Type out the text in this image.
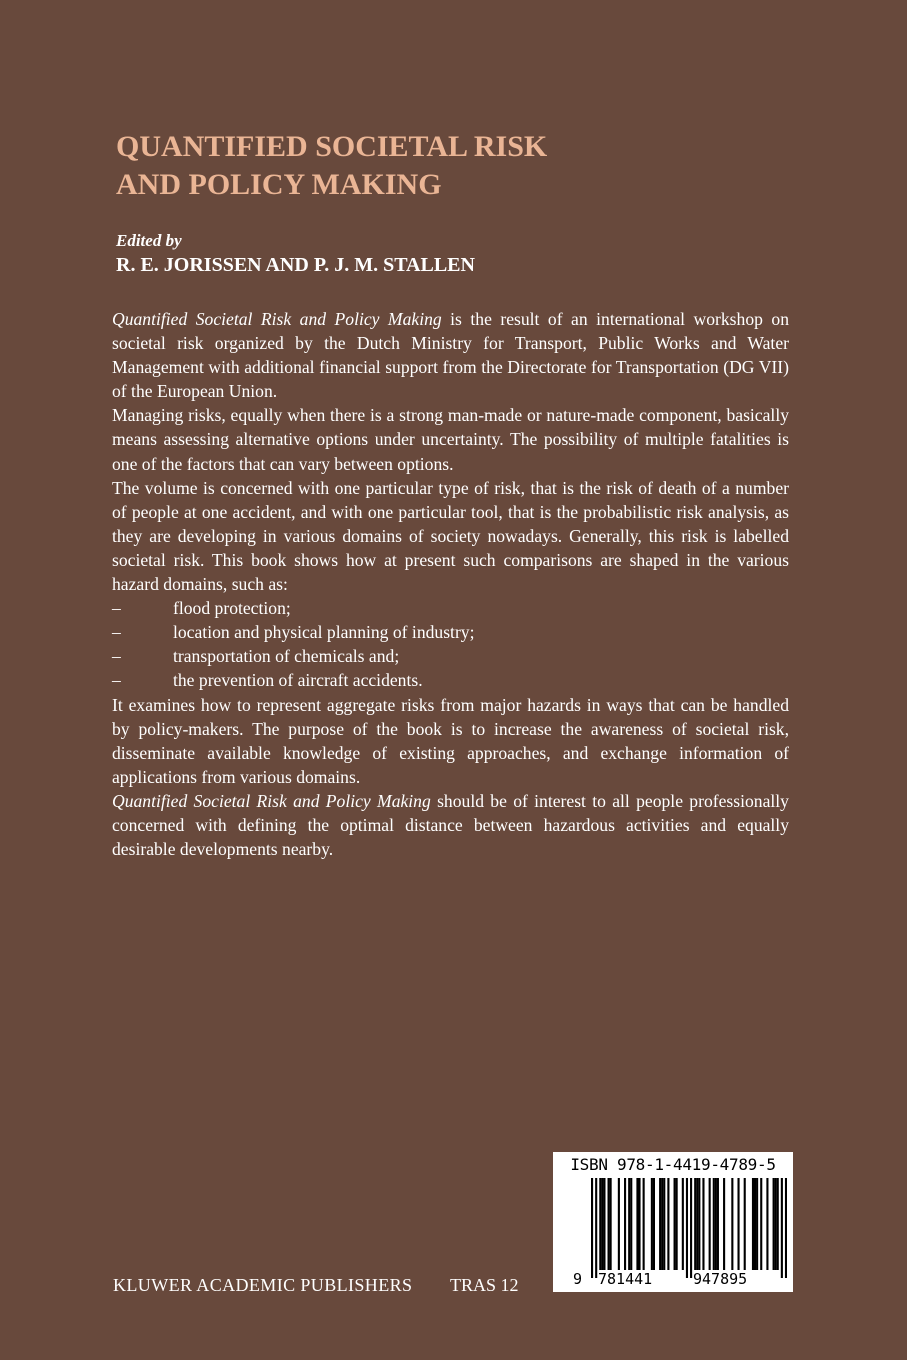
QUANTIFIED SOCIETAL RISK
AND POLICY MAKING
Edited by
R. E. JORISSEN AND P. J. M. STALLEN

Quantified Societal Risk and Policy Making is the result of an international workshop on societal risk organized by the Dutch Ministry for Transport, Public Works and Water Management with additional financial support from the Directorate for Transportation (DG VII) of the European Union.

Managing risks, equally when there is a strong man-made or nature-made component, basically means assessing alternative options under uncertainty. The possibility of multiple fatalities is one of the factors that can vary between options.

The volume is concerned with one particular type of risk, that is the risk of death of a number of people at one accident, and with one particular tool, that is the probabilistic risk analysis, as they are developing in various domains of society nowadays. Generally, this risk is labelled societal risk. This book shows how at present such comparisons are shaped in the various hazard domains, such as:

–	flood protection;
–	location and physical planning of industry;
–	transportation of chemicals and;
–	the prevention of aircraft accidents.

It examines how to represent aggregate risks from major hazards in ways that can be handled by policy-makers. The purpose of the book is to increase the awareness of societal risk, disseminate available knowledge of existing approaches, and exchange information of applications from various domains.

Quantified Societal Risk and Policy Making should be of interest to all people professionally concerned with defining the optimal distance between hazardous activities and equally desirable developments nearby.

KLUWER ACADEMIC PUBLISHERS TRAS 12
ISBN 978-1-4419-4789-5
9 781441	947895
